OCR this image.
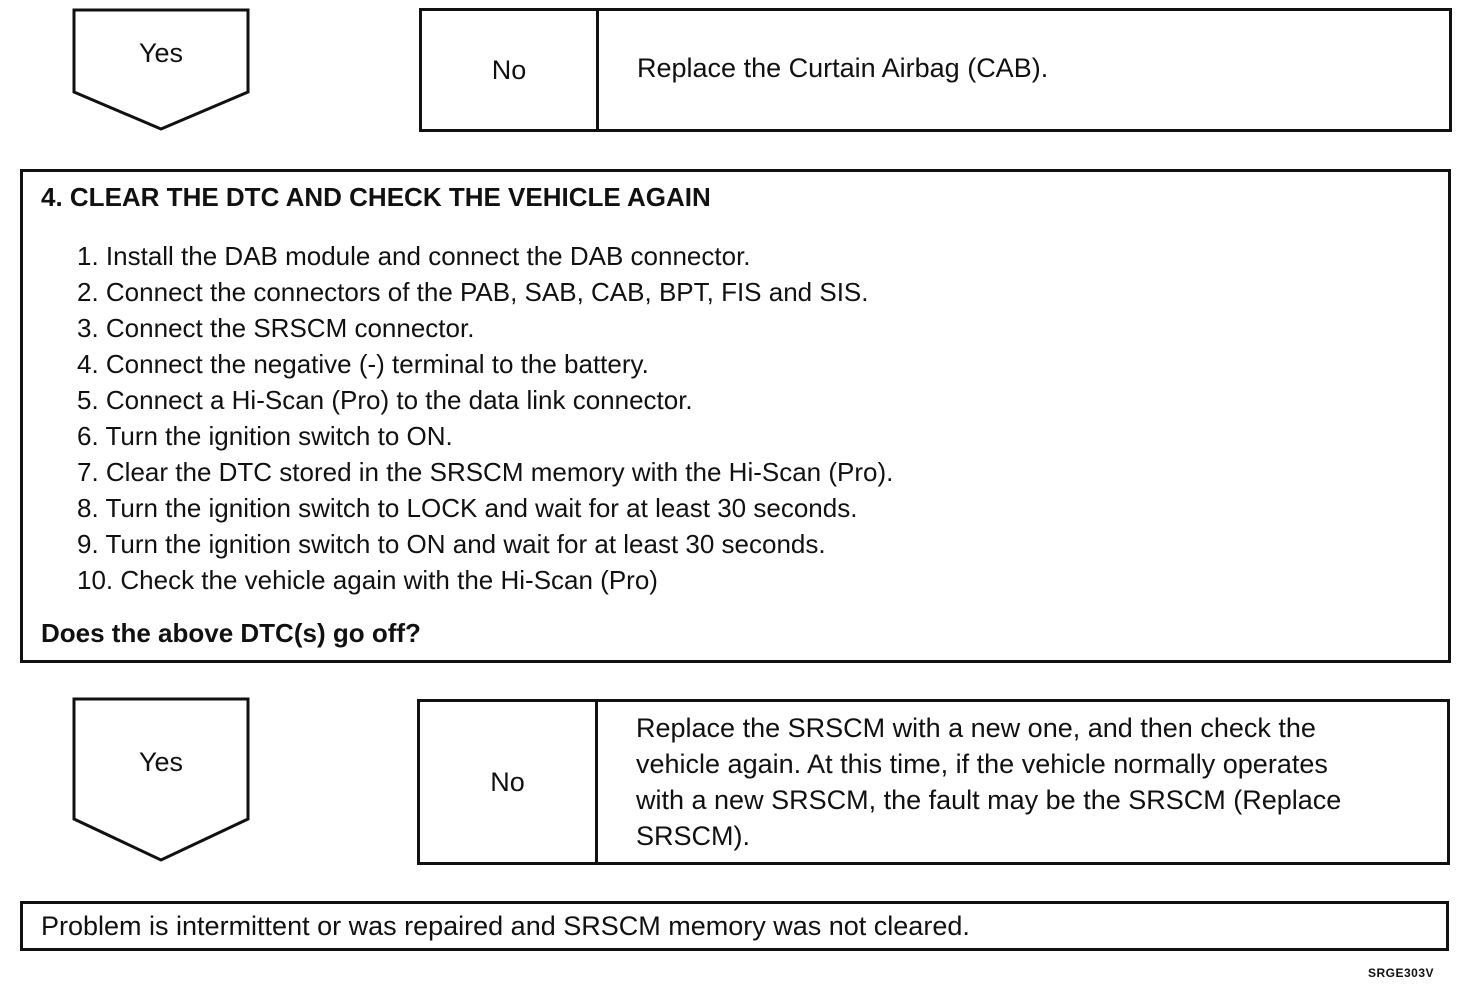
Yes
No	Replace the Curtain Airbag (CAB).
4. CLEAR THE DTC AND CHECK THE VEHICLE AGAIN
1. Install the DAB module and connect the DAB connector.
2. Connect the connectors of the PAB, SAB, CAB, BPT, FIS and SIS.
3. Connect the SRSCM connector.
4. Connect the negative (-) terminal to the battery.
5. Connect a Hi-Scan (Pro) to the data link connector.
6. Turn the ignition switch to ON.
7. Clear the DTC stored in the SRSCM memory with the Hi-Scan (Pro).
8. Turn the ignition switch to LOCK and wait for at least 30 seconds.
9. Turn the ignition switch to ON and wait for at least 30 seconds.
10. Check the vehicle again with the Hi-Scan (Pro)
Does the above DTC(s) go off?
Yes
No
Replace the SRSCM with a new one, and then check the
vehicle again. At this time, if the vehicle normally operates
with a new SRSCM, the fault may be the SRSCM (Replace
SRSCM).
Problem is intermittent or was repaired and SRSCM memory was not cleared.
SRGE303V
